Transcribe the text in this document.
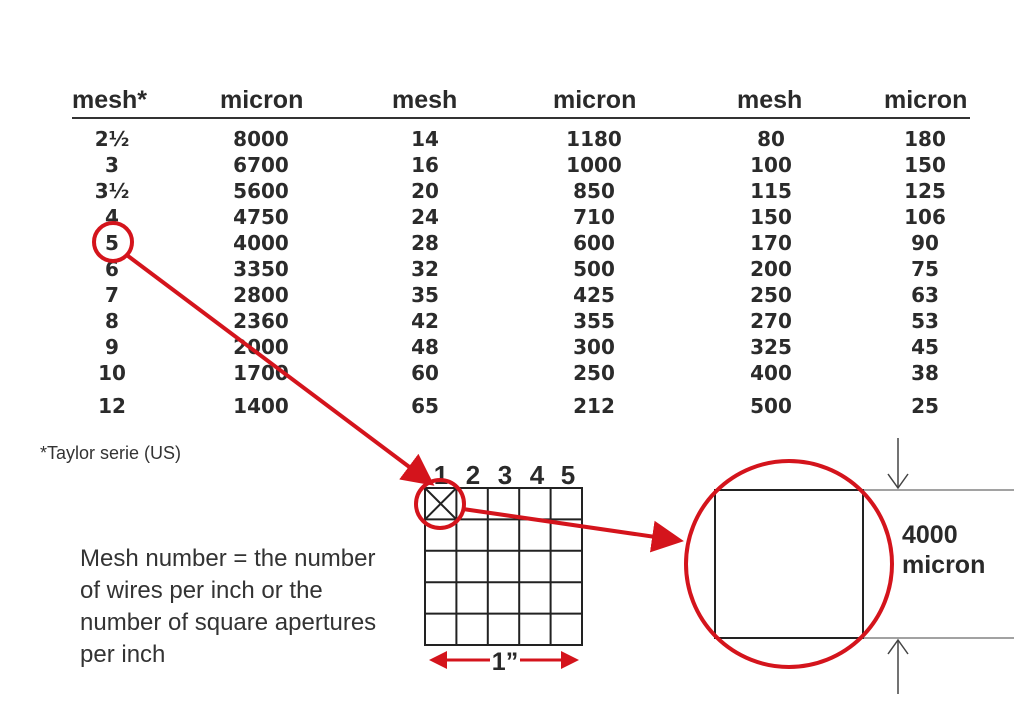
mesh*	micron	mesh	micron	mesh	micron
2½	8000	14	1180	80	180
3	6700	16	1000	100	150
3½	5600	20	850	115	125
4	4750	24	710	150	106
5	4000	28	600	170	90
6	3350	32	500	200	75
7	2800	35	425	250	63
8	2360	42	355	270	53
9	2000	48	300	325	45
10	1700	60	250	400	38
12	1400	65	212	500	25
*Taylor serie (US)
Mesh number = the number of wires per inch or the number of square apertures per inch
1 2 3 4 5
1”
4000
micron
